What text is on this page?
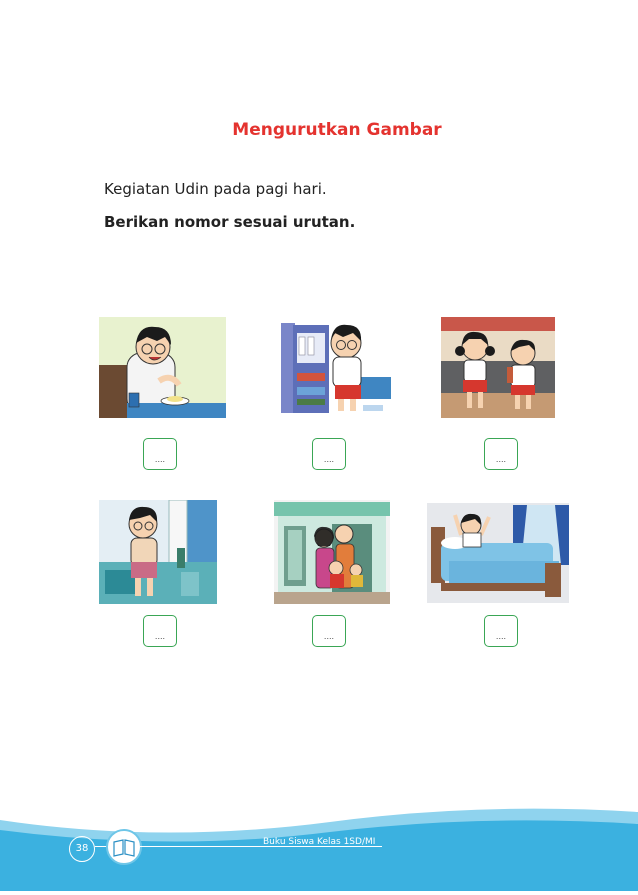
Mengurutkan Gambar
Kegiatan Udin pada pagi hari.
Berikan nomor sesuai urutan.
....	....	....
....	....	....
38
Buku Siswa Kelas 1SD/MI
